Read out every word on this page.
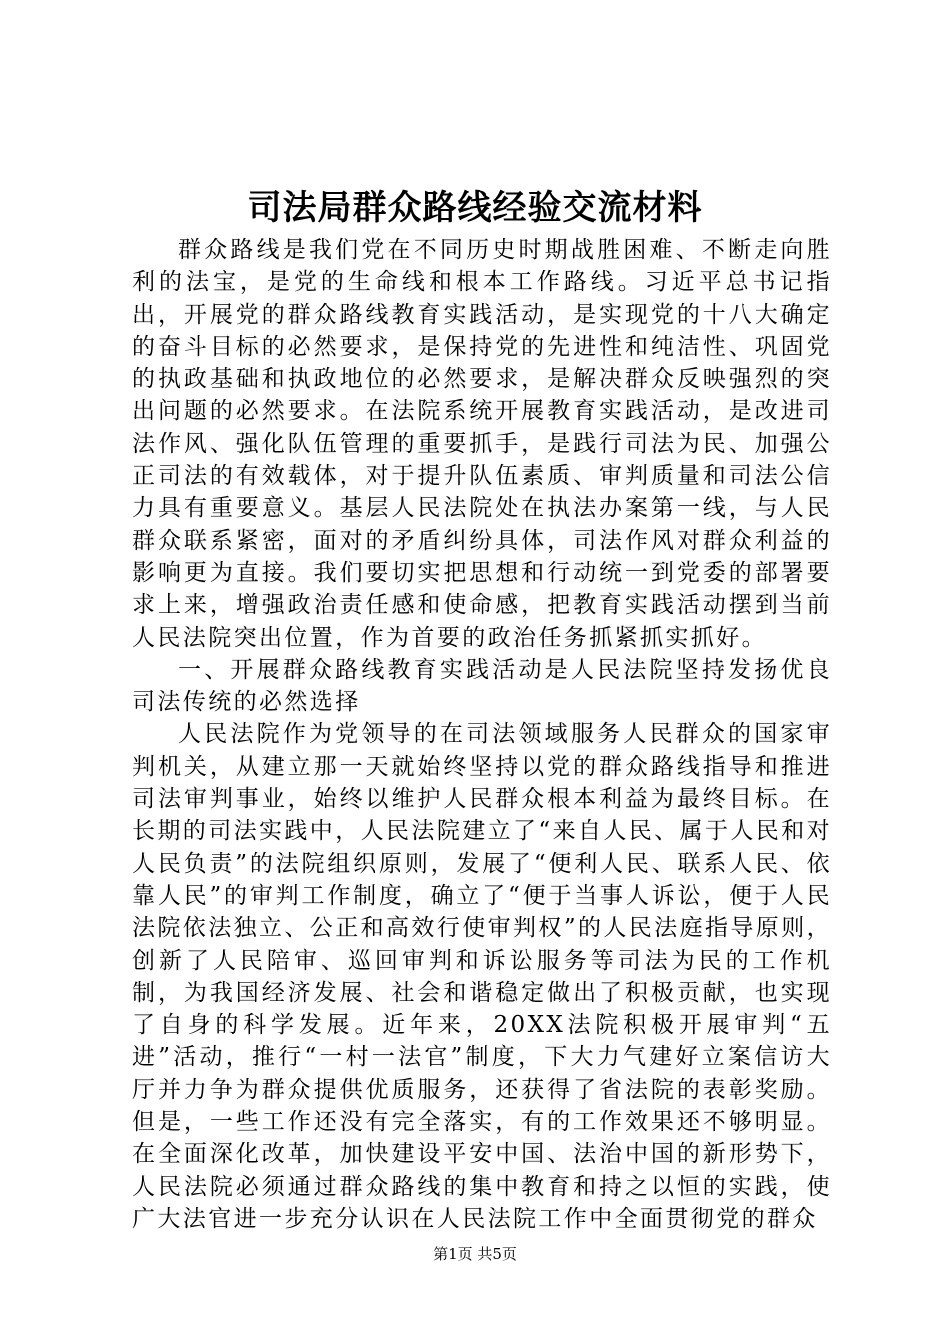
司法局群众路线经验交流材料

群众路线是我们党在不同历史时期战胜困难、不断走向胜利的法宝，是党的生命线和根本工作路线。习近平总书记指出，开展党的群众路线教育实践活动，是实现党的十八大确定的奋斗目标的必然要求，是保持党的先进性和纯洁性、巩固党的执政基础和执政地位的必然要求，是解决群众反映强烈的突出问题的必然要求。在法院系统开展教育实践活动，是改进司法作风、强化队伍管理的重要抓手，是践行司法为民、加强公正司法的有效载体，对于提升队伍素质、审判质量和司法公信力具有重要意义。基层人民法院处在执法办案第一线，与人民群众联系紧密，面对的矛盾纠纷具体，司法作风对群众利益的影响更为直接。我们要切实把思想和行动统一到党委的部署要求上来，增强政治责任感和使命感，把教育实践活动摆到当前人民法院突出位置，作为首要的政治任务抓紧抓实抓好。

一、开展群众路线教育实践活动是人民法院坚持发扬优良司法传统的必然选择

人民法院作为党领导的在司法领域服务人民群众的国家审判机关，从建立那一天就始终坚持以党的群众路线指导和推进司法审判事业，始终以维护人民群众根本利益为最终目标。在长期的司法实践中，人民法院建立了“来自人民、属于人民和对人民负责”的法院组织原则，发展了“便利人民、联系人民、依靠人民”的审判工作制度，确立了“便于当事人诉讼，便于人民法院依法独立、公正和高效行使审判权”的人民法庭指导原则，创新了人民陪审、巡回审判和诉讼服务等司法为民的工作机制，为我国经济发展、社会和谐稳定做出了积极贡献，也实现了自身的科学发展。近年来，20XX法院积极开展审判“五进”活动，推行“一村一法官”制度，下大力气建好立案信访大厅并力争为群众提供优质服务，还获得了省法院的表彰奖励。但是，一些工作还没有完全落实，有的工作效果还不够明显。在全面深化改革，加快建设平安中国、法治中国的新形势下，人民法院必须通过群众路线的集中教育和持之以恒的实践，使广大法官进一步充分认识在人民法院工作中全面贯彻党的群众

第1页 共5页
